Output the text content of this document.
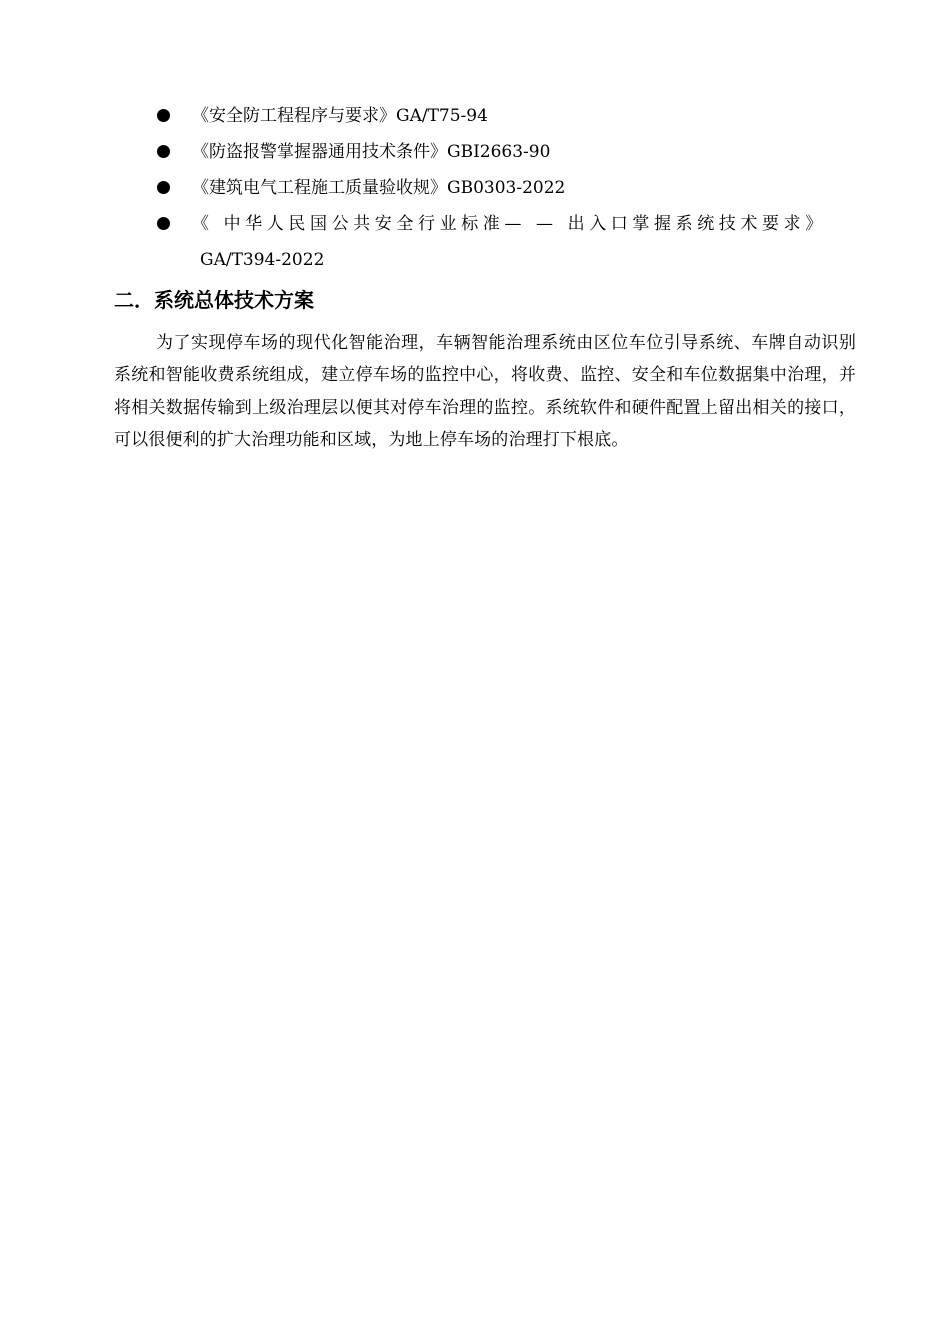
《安全防工程程序与要求》GA/T75-94
《防盗报警掌握器通用技术条件》GBI2663-90
《建筑电气工程施工质量验收规》GB0303-2022
《 中华人民国公共安全行业标准— — 出入口掌握系统技术要求》
GA/T394-2022
二．系统总体技术方案

为了实现停车场的现代化智能治理，车辆智能治理系统由区位车位引导系统、车牌自动识别系统和智能收费系统组成，建立停车场的监控中心，将收费、监控、安全和车位数据集中治理，并将相关数据传输到上级治理层以便其对停车治理的监控。系统软件和硬件配置上留出相关的接口，可以很便利的扩大治理功能和区域，为地上停车场的治理打下根底。
